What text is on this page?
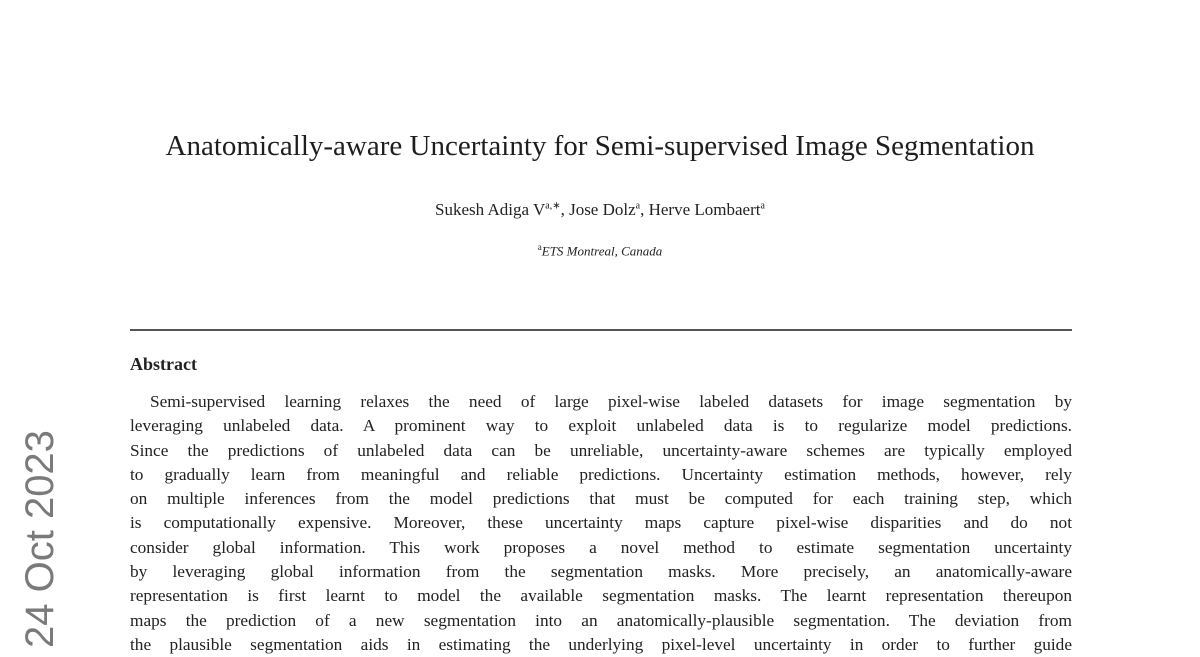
Anatomically-aware Uncertainty for Semi-supervised Image Segmentation
Sukesh Adiga $V^{a,∗}$, Jose Dolz$^a$, Herve Lombaert$^a$
$^a$ETS Montreal, Canada
Abstract
Semi-supervised learning relaxes the need of large pixel-wise labeled datasets for image segmentation by
leveraging unlabeled data. A prominent way to exploit unlabeled data is to regularize model predictions.
Since the predictions of unlabeled data can be unreliable, uncertainty-aware schemes are typically employed
to gradually learn from meaningful and reliable predictions. Uncertainty estimation methods, however, rely
on multiple inferences from the model predictions that must be computed for each training step, which
is computationally expensive. Moreover, these uncertainty maps capture pixel-wise disparities and do not
consider global information. This work proposes a novel method to estimate segmentation uncertainty
by leveraging global information from the segmentation masks. More precisely, an anatomically-aware
representation is first learnt to model the available segmentation masks. The learnt representation thereupon
maps the prediction of a new segmentation into an anatomically-plausible segmentation. The deviation from
the plausible segmentation aids in estimating the underlying pixel-level uncertainty in order to further guide
24 Oct 2023
